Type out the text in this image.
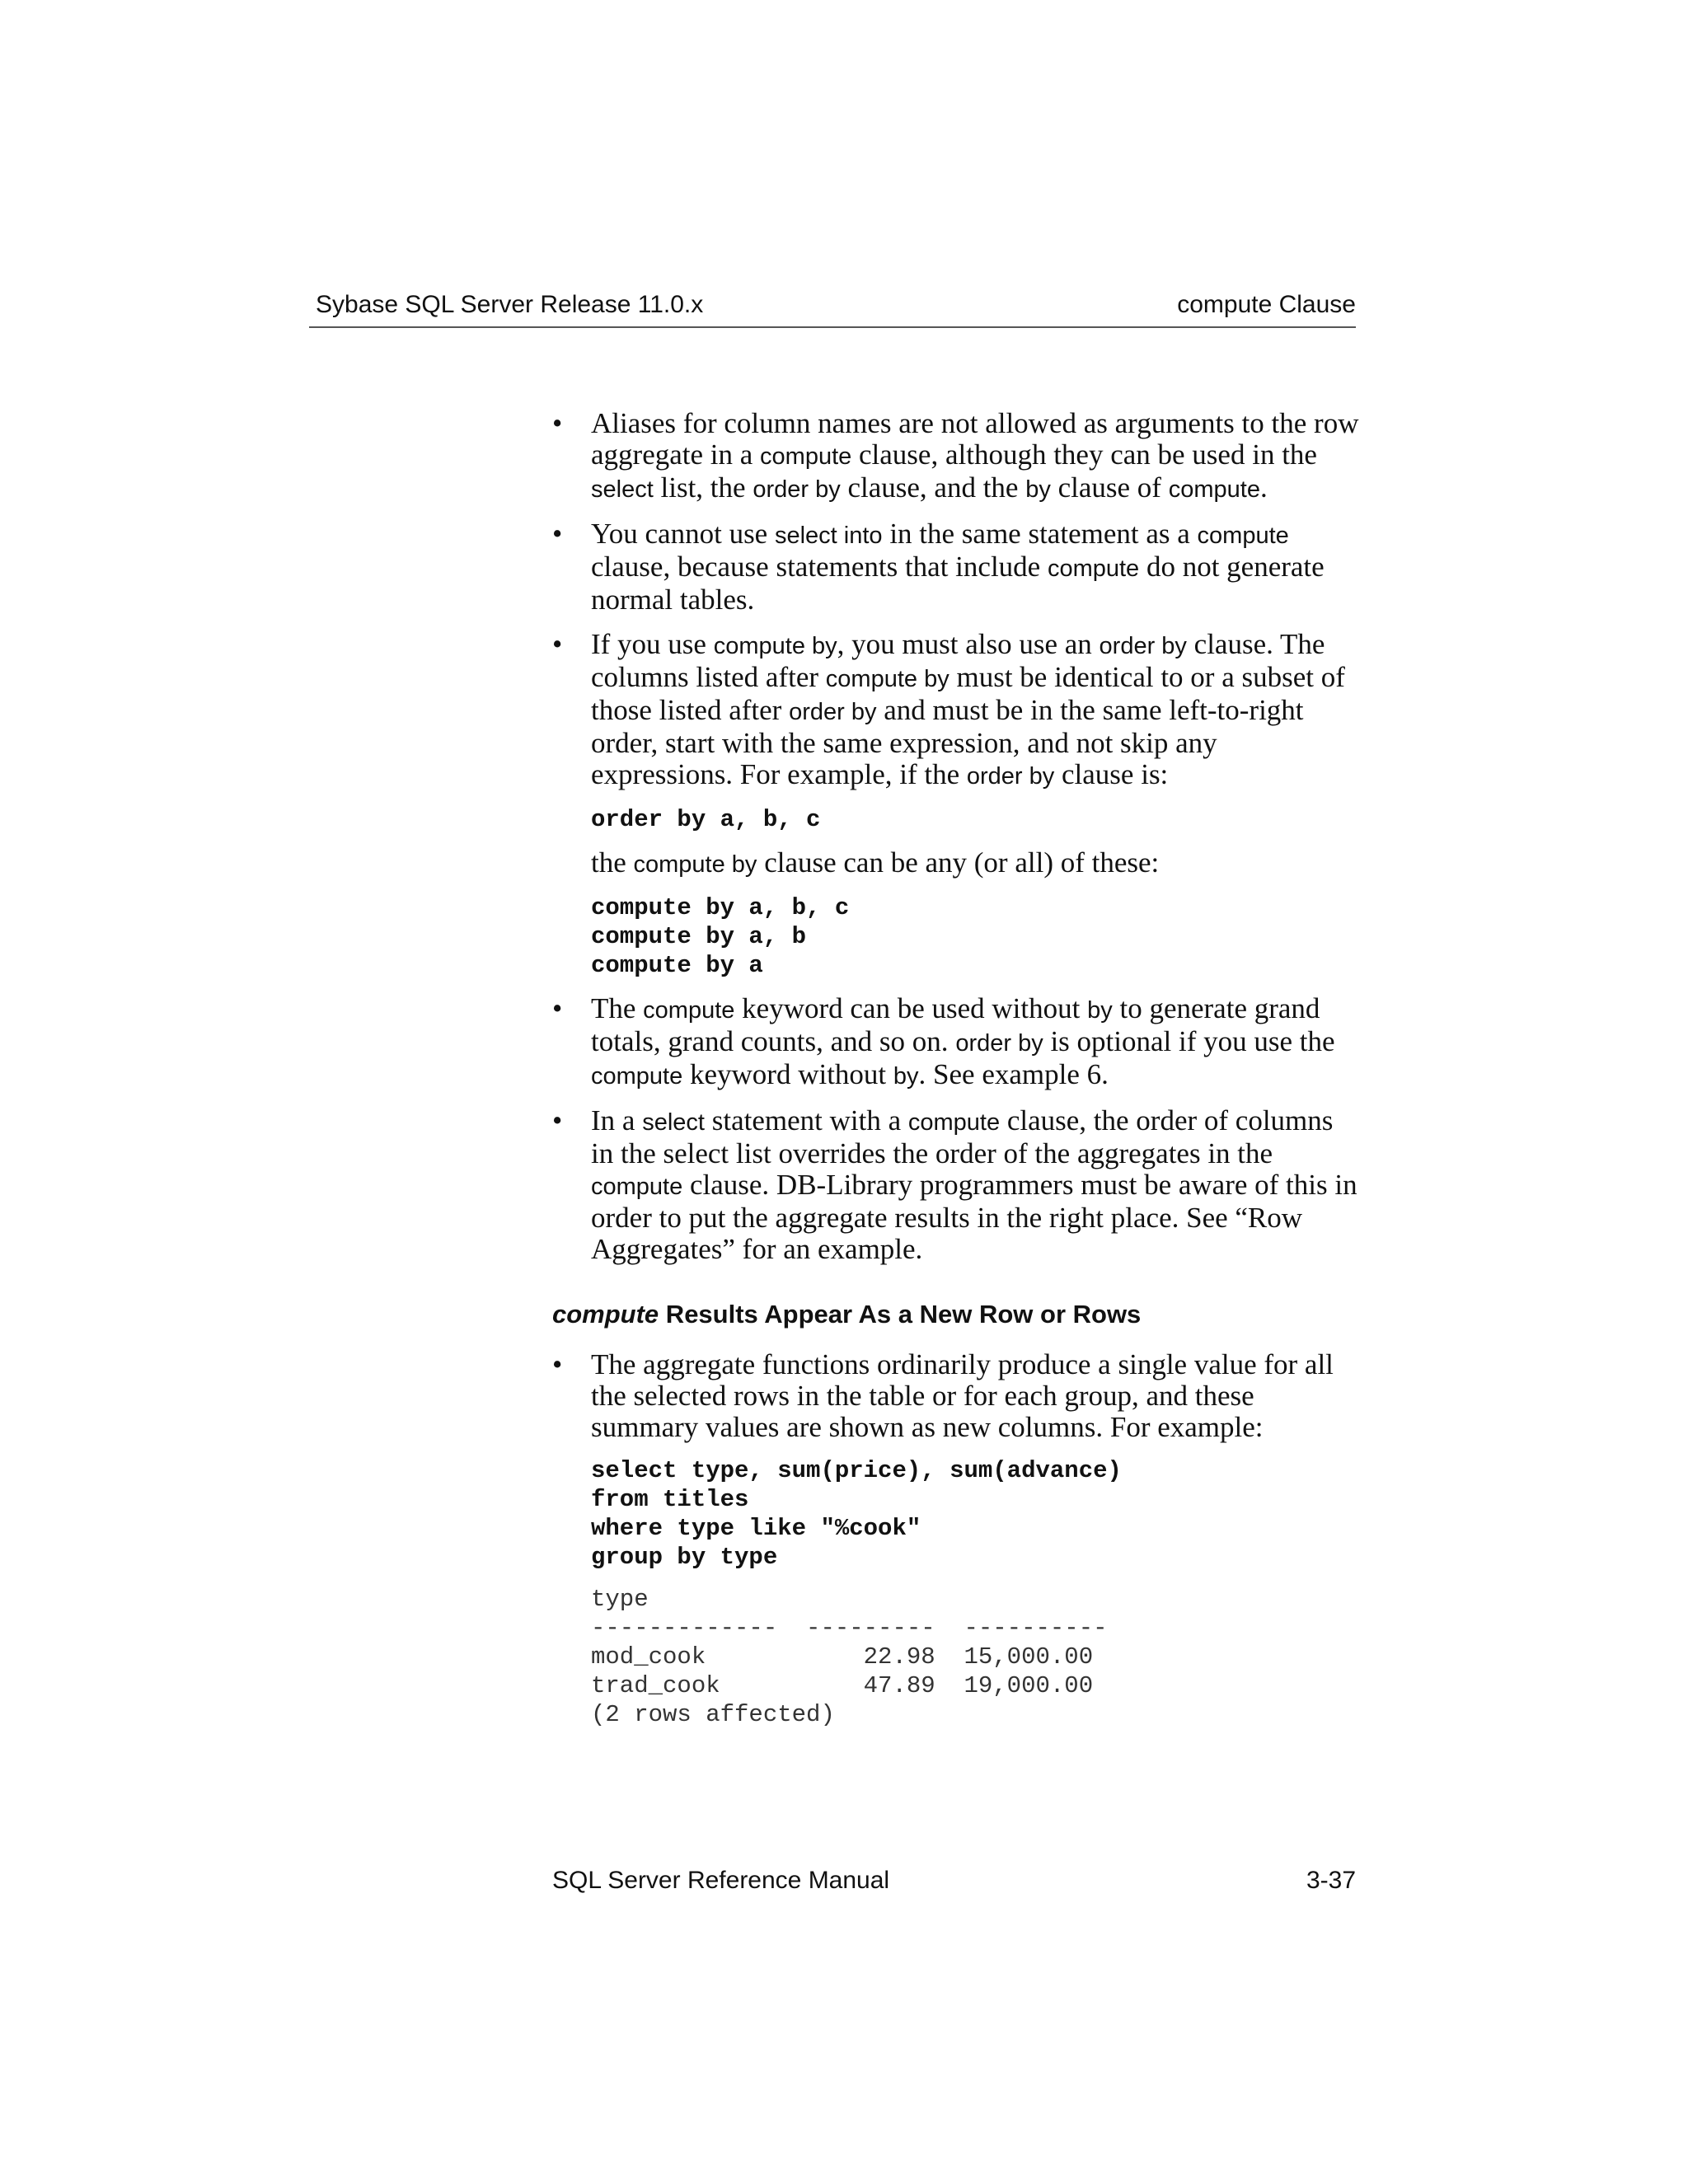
Sybase SQL Server Release 11.0.x	compute Clause
• Aliases for column names are not allowed as arguments to the row aggregate in a compute clause, although they can be used in the select list, the order by clause, and the by clause of compute.
• You cannot use select into in the same statement as a compute clause, because statements that include compute do not generate normal tables.
• If you use compute by, you must also use an order by clause. The columns listed after compute by must be identical to or a subset of those listed after order by and must be in the same left-to-right order, start with the same expression, and not skip any expressions. For example, if the order by clause is:
order by a, b, c
the compute by clause can be any (or all) of these:
compute by a, b, c
compute by a, b
compute by a
• The compute keyword can be used without by to generate grand totals, grand counts, and so on. order by is optional if you use the compute keyword without by. See example 6.
• In a select statement with a compute clause, the order of columns in the select list overrides the order of the aggregates in the compute clause. DB-Library programmers must be aware of this in order to put the aggregate results in the right place. See “Row Aggregates” for an example.
compute Results Appear As a New Row or Rows
• The aggregate functions ordinarily produce a single value for all the selected rows in the table or for each group, and these summary values are shown as new columns. For example:
select type, sum(price), sum(advance)
from titles
where type like "%cook"
group by type
type
-------------  ---------  ----------
mod_cook           22.98  15,000.00
trad_cook          47.89  19,000.00
(2 rows affected)
SQL Server Reference Manual	3-37
